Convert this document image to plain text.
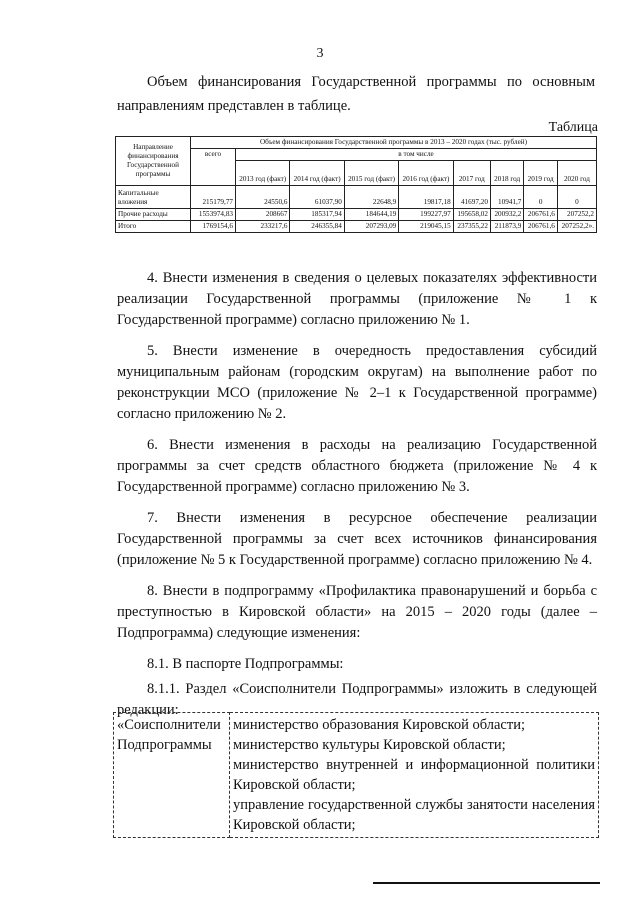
3

Объем финансирования Государственной программы по основным направлениям представлен в таблице.

Таблица
Направление финансирования Государственной программы	Объем финансирования Государственной программы в 2013 – 2020 годах (тыс. рублей)								
	всего	в том числе							
		2013 год (факт)	2014 год (факт)	2015 год (факт)	2016 год (факт)	2017 год	2018 год	2019 год	2020 год
Капитальные вложения	215179,77	24550,6	61037,90	22648,9	19817,18	41697,20	10941,7	0	0
Прочие расходы	1553974,83	208667	185317,94	184644,19	199227,97	195658,02	200932,2	206761,6	207252,2
Итого	1769154,6	233217,6	246355,84	207293,09	219045,15	237355,22	211873,9	206761,6	207252,2».

4. Внести изменения в сведения о целевых показателях эффективности реализации Государственной программы (приложение № 1 к Государственной программе) согласно приложению № 1.

5. Внести изменение в очередность предоставления субсидий муниципальным районам (городским округам) на выполнение работ по реконструкции МСО (приложение № 2–1 к Государственной программе) согласно приложению № 2.

6. Внести изменения в расходы на реализацию Государственной программы за счет средств областного бюджета (приложение № 4 к Государственной программе) согласно приложению № 3.

7. Внести изменения в ресурсное обеспечение реализации Государственной программы за счет всех источников финансирования (приложение № 5 к Государственной программе) согласно приложению № 4.

8. Внести в подпрограмму «Профилактика правонарушений и борьба с преступностью в Кировской области» на 2015 – 2020 годы (далее – Подпрограмма) следующие изменения:

8.1. В паспорте Подпрограммы:

8.1.1. Раздел «Соисполнители Подпрограммы» изложить в следующей редакции:

«Соисполнители Подпрограммы	
министерство образования Кировской области;
министерство культуры Кировской области;
министерство внутренней и информационной политики Кировской области;
управление государственной службы занятости населения Кировской области;
